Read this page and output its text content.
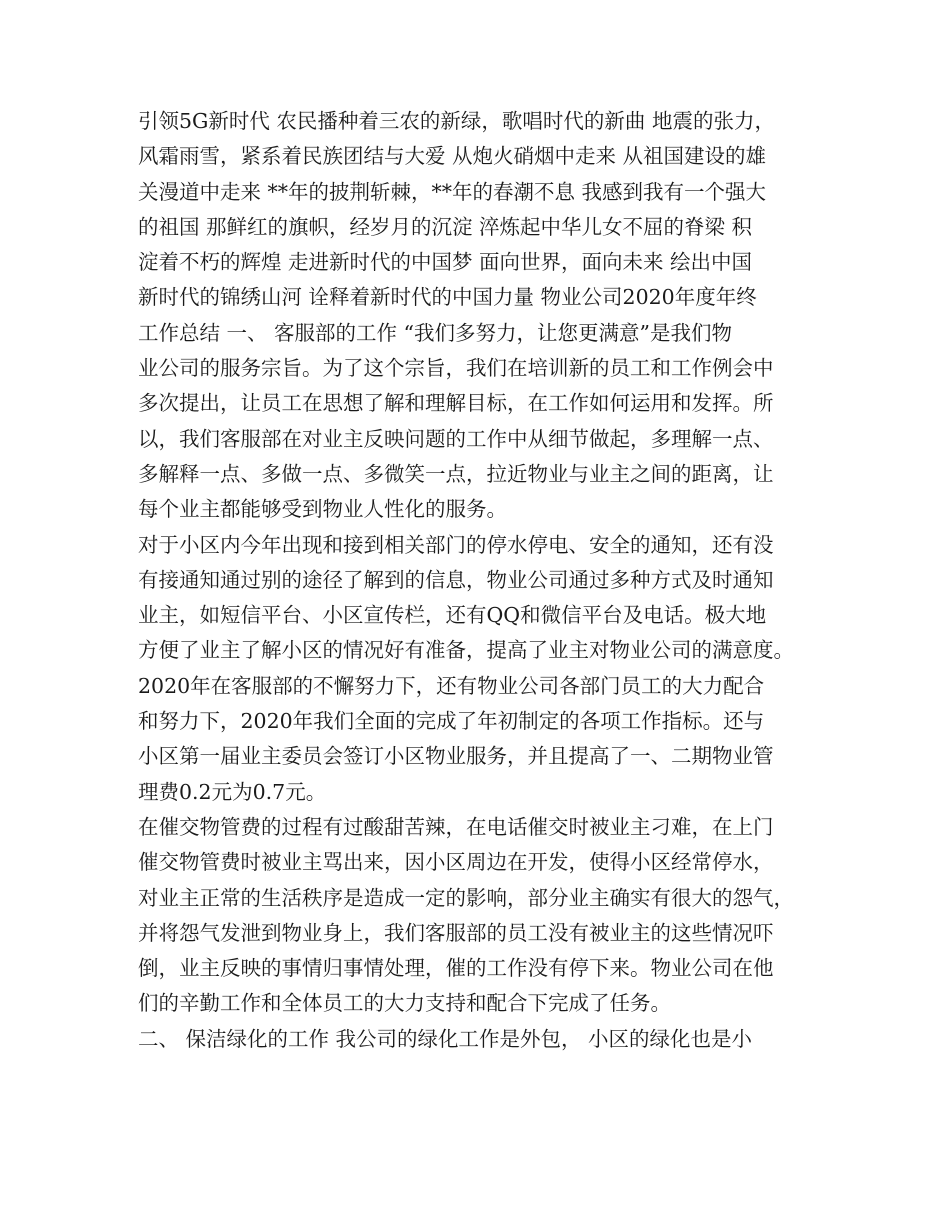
引领5G新时代 农民播种着三农的新绿，歌唱时代的新曲 地震的张力，
风霜雨雪，紧系着民族团结与大爱 从炮火硝烟中走来 从祖国建设的雄
关漫道中走来 **年的披荆斩棘，**年的春潮不息 我感到我有一个强大
的祖国 那鲜红的旗帜，经岁月的沉淀 淬炼起中华儿女不屈的脊梁 积
淀着不朽的辉煌 走进新时代的中国梦 面向世界，面向未来 绘出中国
新时代的锦绣山河 诠释着新时代的中国力量 物业公司2020年度年终
工作总结 一、 客服部的工作 “我们多努力，让您更满意”是我们物
业公司的服务宗旨。为了这个宗旨，我们在培训新的员工和工作例会中
多次提出，让员工在思想了解和理解目标，在工作如何运用和发挥。所
以，我们客服部在对业主反映问题的工作中从细节做起，多理解一点、
多解释一点、多做一点、多微笑一点，拉近物业与业主之间的距离，让
每个业主都能够受到物业人性化的服务。
对于小区内今年出现和接到相关部门的停水停电、安全的通知，还有没
有接通知通过别的途径了解到的信息，物业公司通过多种方式及时通知
业主，如短信平台、小区宣传栏，还有QQ和微信平台及电话。极大地
方便了业主了解小区的情况好有准备，提高了业主对物业公司的满意度。
2020年在客服部的不懈努力下，还有物业公司各部门员工的大力配合
和努力下，2020年我们全面的完成了年初制定的各项工作指标。还与
小区第一届业主委员会签订小区物业服务，并且提高了一、二期物业管
理费0.2元为0.7元。
在催交物管费的过程有过酸甜苦辣，在电话催交时被业主刁难，在上门
催交物管费时被业主骂出来，因小区周边在开发，使得小区经常停水，
对业主正常的生活秩序是造成一定的影响，部分业主确实有很大的怨气，
并将怨气发泄到物业身上，我们客服部的员工没有被业主的这些情况吓
倒，业主反映的事情归事情处理，催的工作没有停下来。物业公司在他
们的辛勤工作和全体员工的大力支持和配合下完成了任务。
二、 保洁绿化的工作 我公司的绿化工作是外包， 小区的绿化也是小
